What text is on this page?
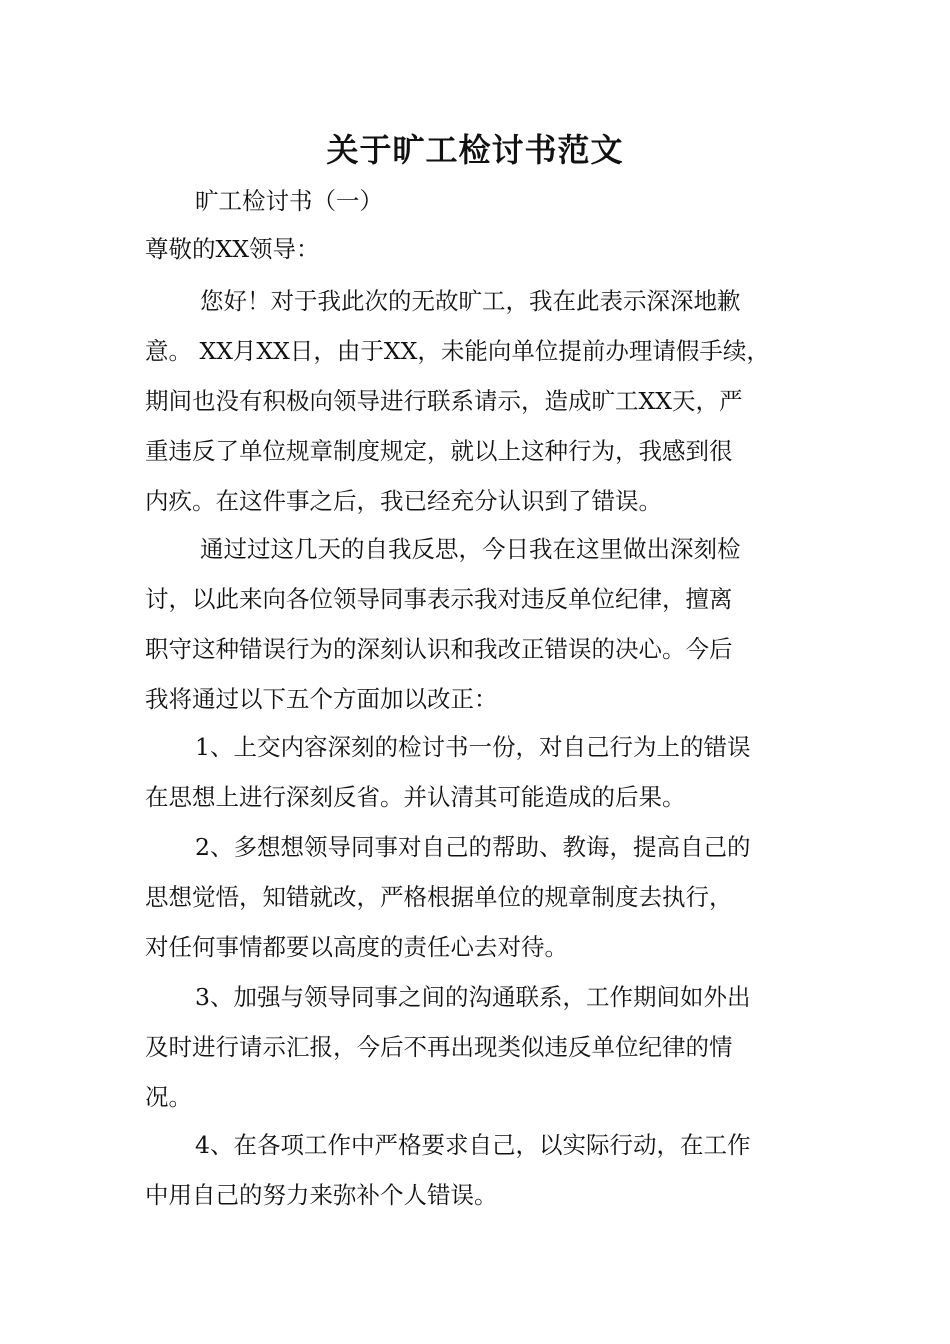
关于旷工检讨书范文

旷工检讨书（一）

尊敬的XX领导：

您好！对于我此次的无故旷工，我在此表示深深地歉
意。 XX月XX日，由于XX，未能向单位提前办理请假手续，
期间也没有积极向领导进行联系请示，造成旷工XX天，严
重违反了单位规章制度规定，就以上这种行为，我感到很
内疚。在这件事之后，我已经充分认识到了错误。
通过过这几天的自我反思，今日我在这里做出深刻检
讨，以此来向各位领导同事表示我对违反单位纪律，擅离
职守这种错误行为的深刻认识和我改正错误的决心。今后
我将通过以下五个方面加以改正：
1、上交内容深刻的检讨书一份，对自己行为上的错误
在思想上进行深刻反省。并认清其可能造成的后果。
2、多想想领导同事对自己的帮助、教诲，提高自己的
思想觉悟，知错就改，严格根据单位的规章制度去执行，
对任何事情都要以高度的责任心去对待。
3、加强与领导同事之间的沟通联系，工作期间如外出
及时进行请示汇报，今后不再出现类似违反单位纪律的情
况。
4、在各项工作中严格要求自己，以实际行动，在工作
中用自己的努力来弥补个人错误。
